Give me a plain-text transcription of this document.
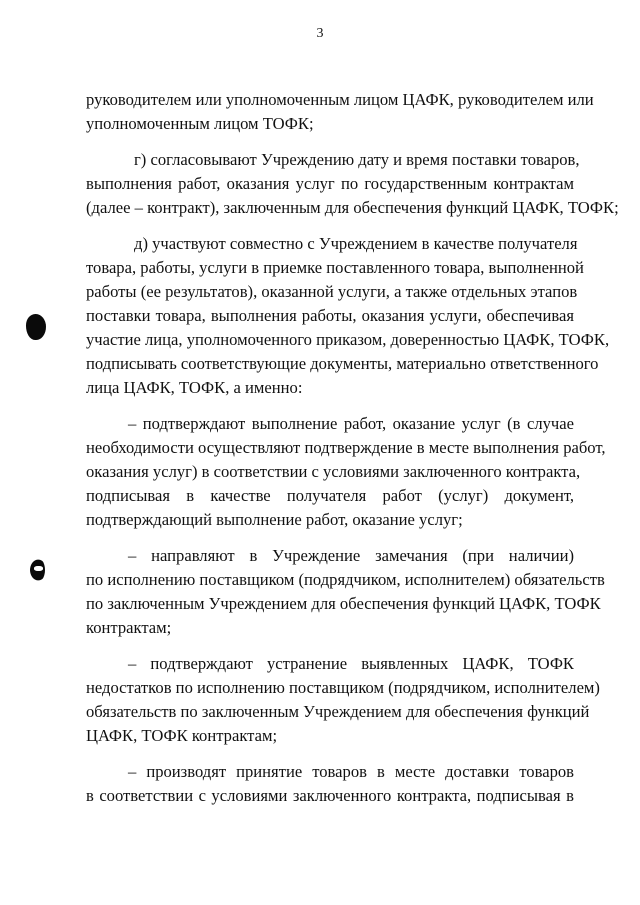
3
руководителем или уполномоченным лицом ЦАФК, руководителем или
уполномоченным лицом ТОФК;
г) согласовывают Учреждению дату и время поставки товаров,
выполнения работ, оказания услуг по государственным контрактам
(далее – контракт), заключенным для обеспечения функций ЦАФК, ТОФК;
д) участвуют совместно с Учреждением в качестве получателя
товара, работы, услуги в приемке поставленного товара, выполненной
работы (ее результатов), оказанной услуги, а также отдельных этапов
поставки товара, выполнения работы, оказания услуги, обеспечивая
участие лица, уполномоченного приказом, доверенностью ЦАФК, ТОФК,
подписывать соответствующие документы, материально ответственного
лица ЦАФК, ТОФК, а именно:
– подтверждают выполнение работ, оказание услуг (в случае
необходимости осуществляют подтверждение в месте выполнения работ,
оказания услуг) в соответствии с условиями заключенного контракта,
подписывая в качестве получателя работ (услуг) документ,
подтверждающий выполнение работ, оказание услуг;
– направляют в Учреждение замечания (при наличии)
по исполнению поставщиком (подрядчиком, исполнителем) обязательств
по заключенным Учреждением для обеспечения функций ЦАФК, ТОФК
контрактам;
– подтверждают устранение выявленных ЦАФК, ТОФК
недостатков по исполнению поставщиком (подрядчиком, исполнителем)
обязательств по заключенным Учреждением для обеспечения функций
ЦАФК, ТОФК контрактам;
– производят принятие товаров в месте доставки товаров
в соответствии с условиями заключенного контракта, подписывая в
